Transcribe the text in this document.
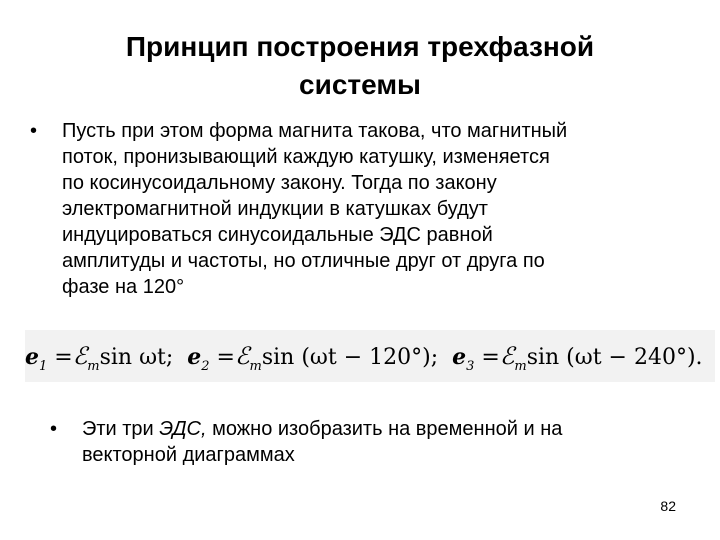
Принцип построения трехфазной
системы
•	Пусть при этом форма магнита такова, что магнитный
поток, пронизывающий каждую катушку, изменяется
по косинусоидальному закону. Тогда по закону
электромагнитной индукции в катушках будут
индуцироваться синусоидальные ЭДС равной
амплитуды и частоты, но отличные друг от друга по
фазе на 120°
e 1
= ℰ m sin ωt; e 2
= ℰ m sin (ωt − 120°); e 3
= ℰ m sin (ωt − 240°).
•	Эти три ЭДС, можно изобразить на временной и на
векторной диаграммах
82
